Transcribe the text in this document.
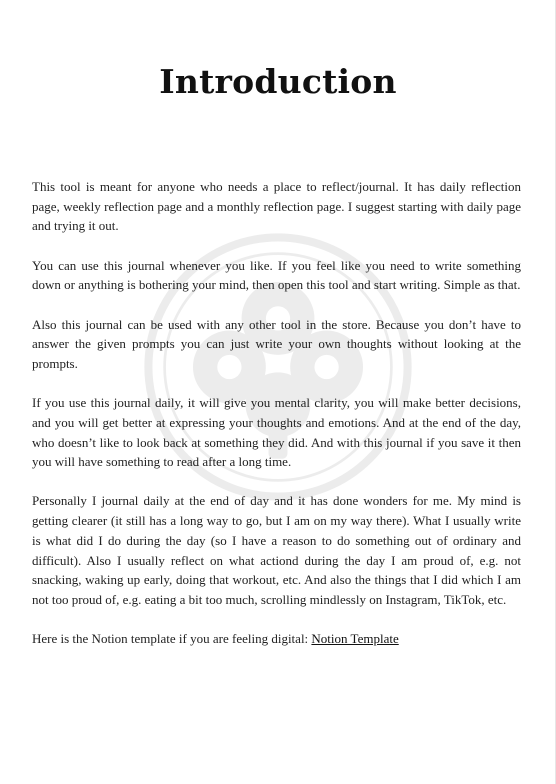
Introduction

This tool is meant for anyone who needs a place to reflect/journal. It has daily reflection page, weekly reflection page and a monthly reflection page. I suggest starting with daily page and trying it out.

You can use this journal whenever you like. If you feel like you need to write something down or anything is bothering your mind, then open this tool and start writing. Simple as that.

Also this journal can be used with any other tool in the store. Because you don’t have to answer the given prompts you can just write your own thoughts without looking at the prompts.

If you use this journal daily, it will give you mental clarity, you will make better decisions, and you will get better at expressing your thoughts and emotions. And at the end of the day, who doesn’t like to look back at something they did. And with this journal if you save it then you will have something to read after a long time.

Personally I journal daily at the end of day and it has done wonders for me. My mind is getting clearer (it still has a long way to go, but I am on my way there). What I usually write is what did I do during the day (so I have a reason to do something out of ordinary and difficult). Also I usually reflect on what actiond during the day I am proud of, e.g. not snacking, waking up early, doing that workout, etc. And also the things that I did which I am not too proud of, e.g. eating a bit too much, scrolling mindlessly on Instagram, TikTok, etc.

Here is the Notion template if you are feeling digital: Notion Template
